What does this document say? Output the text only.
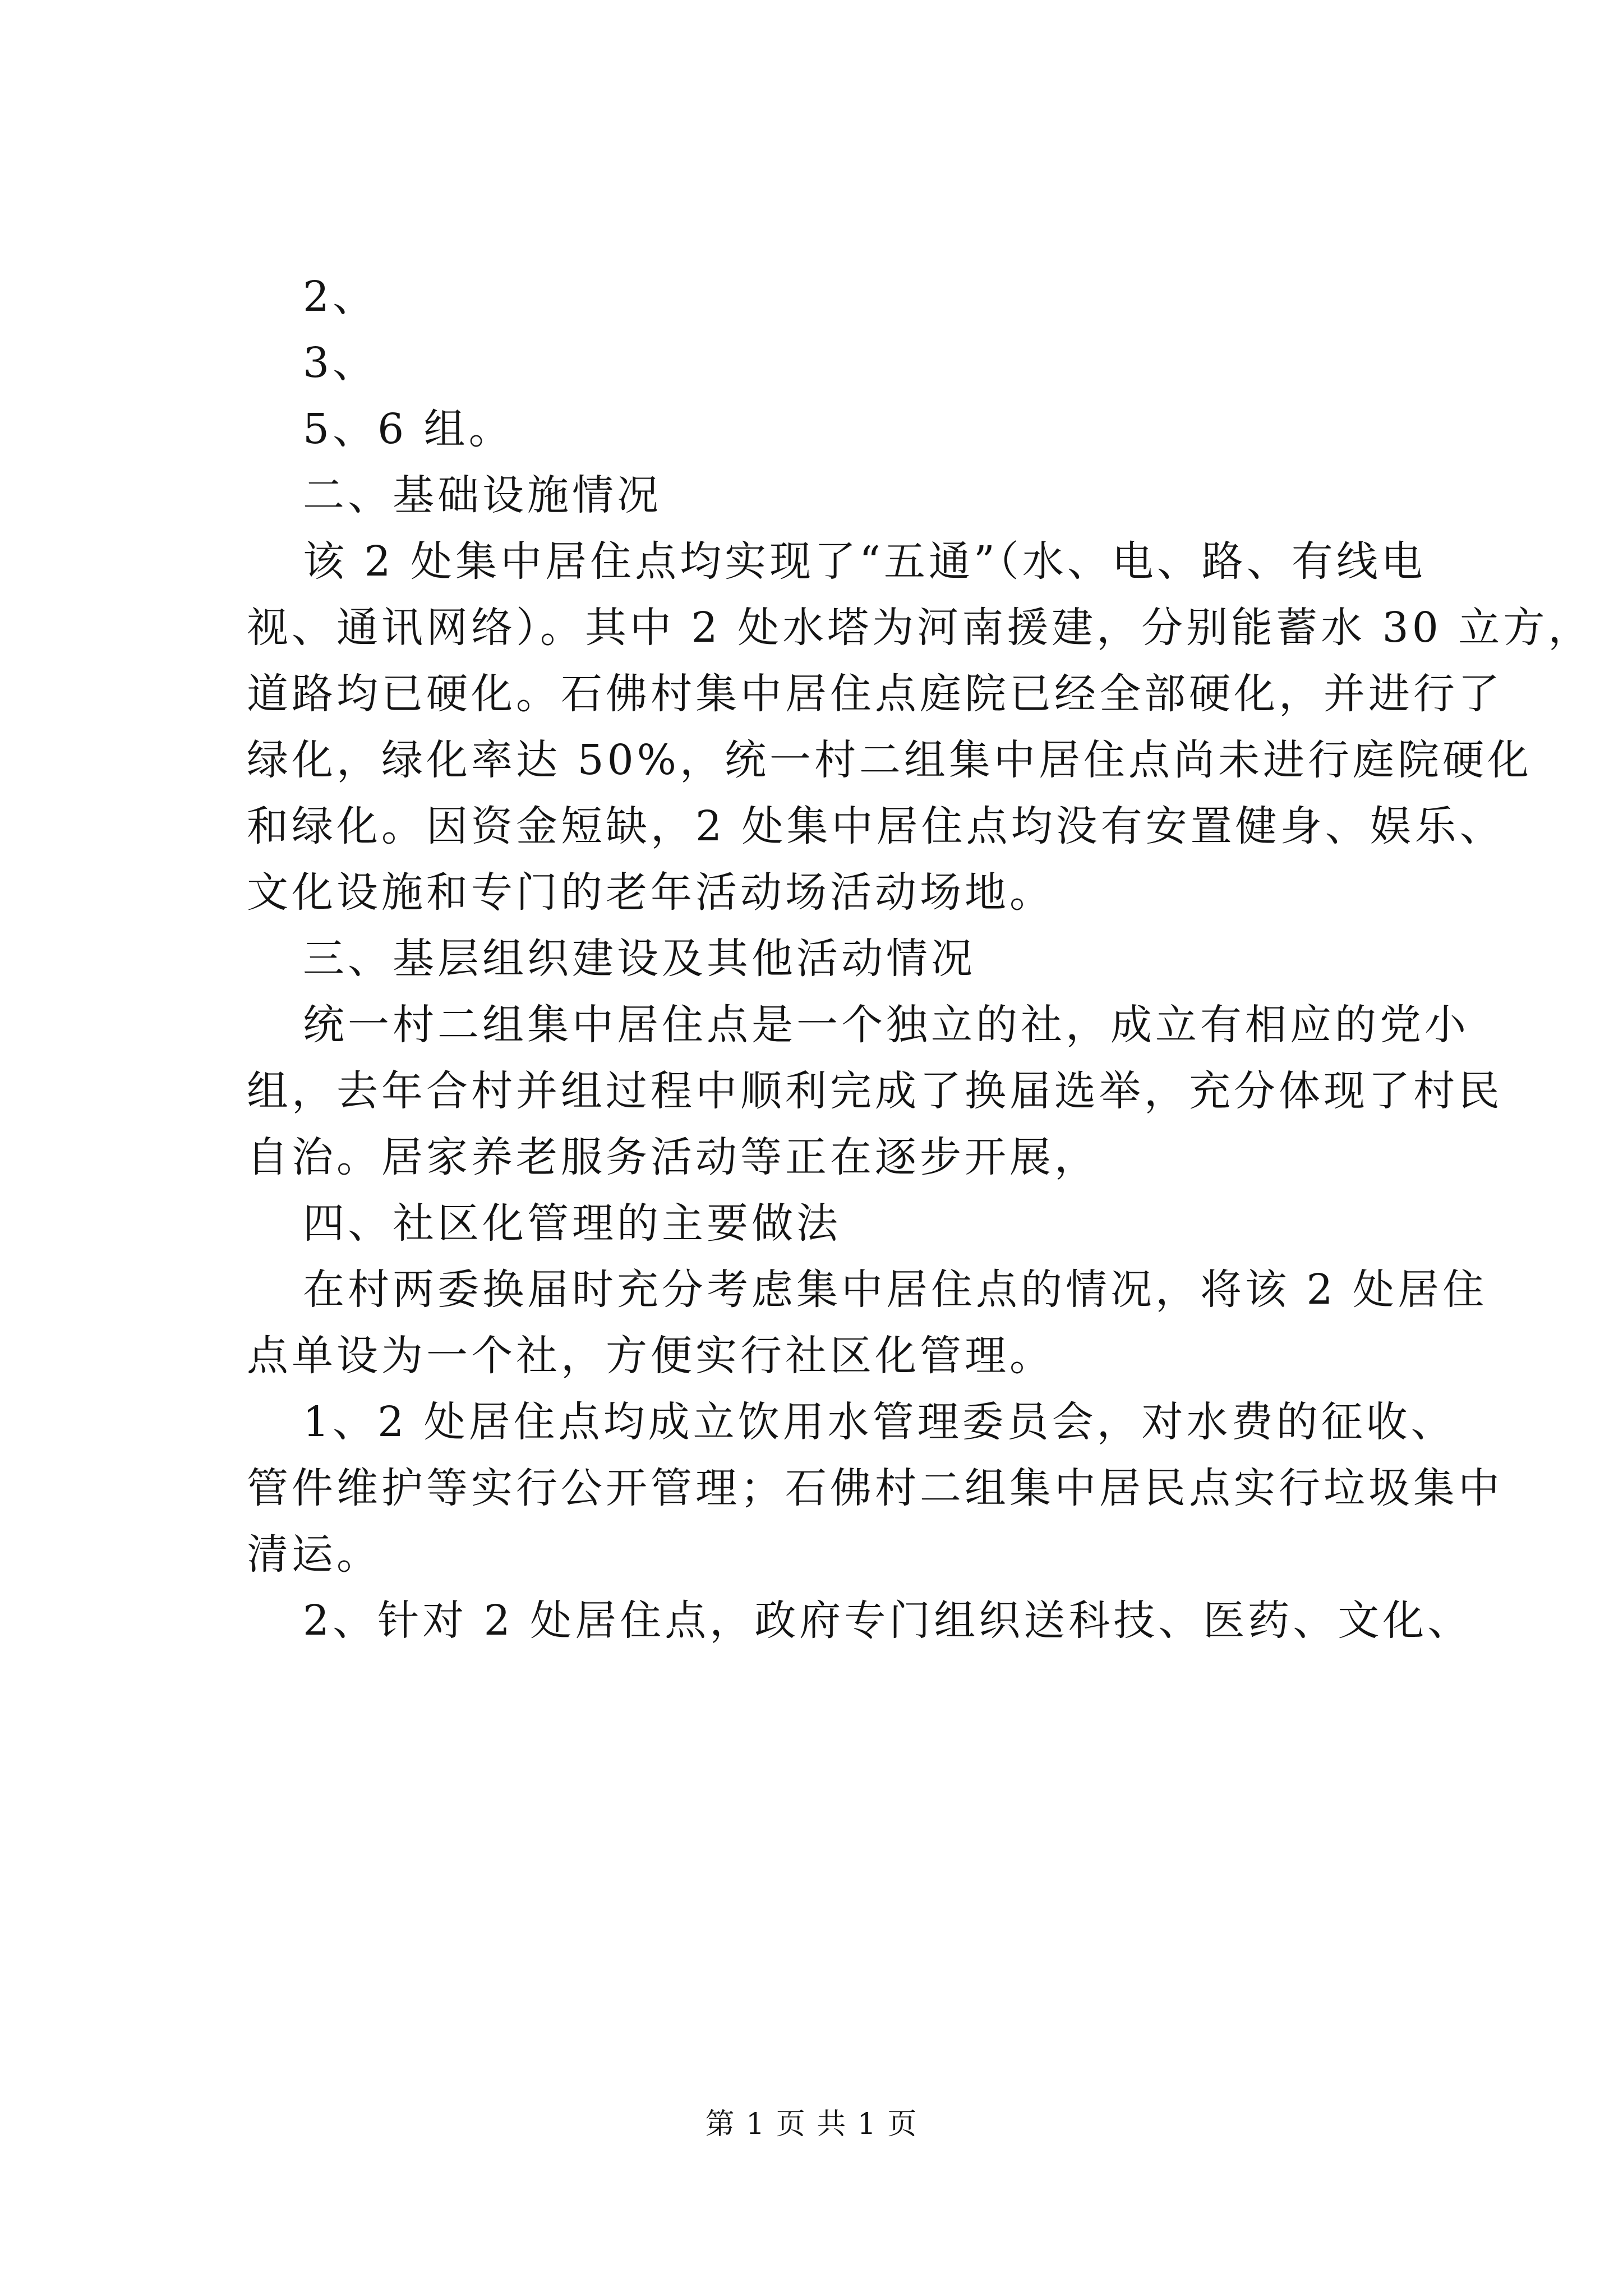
2、
3、
5、6 组。
二、基础设施情况
该 2 处集中居住点均实现了“五通”（水、电、路、有线电
视、通讯网络）。其中 2 处水塔为河南援建，分别能蓄水 30 立方，
道路均已硬化。石佛村集中居住点庭院已经全部硬化，并进行了
绿化，绿化率达 50%，统一村二组集中居住点尚未进行庭院硬化
和绿化。因资金短缺，2 处集中居住点均没有安置健身、娱乐、
文化设施和专门的老年活动场活动场地。
三、基层组织建设及其他活动情况
统一村二组集中居住点是一个独立的社，成立有相应的党小
组，去年合村并组过程中顺利完成了换届选举，充分体现了村民
自治。居家养老服务活动等正在逐步开展，
四、社区化管理的主要做法
在村两委换届时充分考虑集中居住点的情况，将该 2 处居住
点单设为一个社，方便实行社区化管理。
1、2 处居住点均成立饮用水管理委员会，对水费的征收、
管件维护等实行公开管理；石佛村二组集中居民点实行垃圾集中
清运。
2、针对 2 处居住点，政府专门组织送科技、医药、文化、
第 1 页 共 1 页
